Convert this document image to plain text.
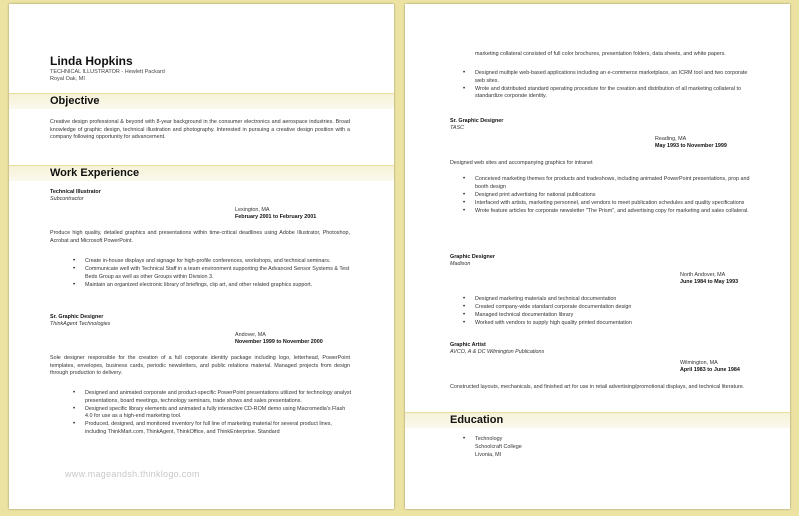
Linda Hopkins
TECHNICAL ILLUSTRATOR - Hewlett Packard
Royal Oak, MI
Objective
Creative design professional & beyond with 8-year background in the consumer electronics and aerospace industries. Broad knowledge of graphic design, technical illustration and photography. Interested in pursuing a creative design position with a company following opportunity for advancement.
Work Experience
Technical Illustrator
Subcontractor
Lexington, MA
February 2001 to February 2001
Produce high quality, detailed graphics and presentations within time-critical deadlines using Adobe Illustrator, Photoshop, Acrobat and Microsoft PowerPoint.
• Create in-house displays and signage for high-profile conferences, workshops, and technical seminars.
• Communicate well with Technical Staff in a team environment supporting the Advanced Sensor Systems & Test Beds Group as well as other Groups within Division 3.
• Maintain an organized electronic library of briefings, clip art, and other related graphics support.
Sr. Graphic Designer
ThinkAgent Technologies
Andover, MA
November 1999 to November 2000
Sole designer responsible for the creation of a full corporate identity package including logo, letterhead, PowerPoint templates, envelopes, business cards, periodic newsletters, and public relations material. Managed projects from design through production to delivery.
• Designed and animated corporate and product-specific PowerPoint presentations utilized for technology analyst presentations, board meetings, technology seminars, trade shows and sales presentations.
• Designed specific library elements and animated a fully interactive CD-ROM demo using Macromedia's Flash 4.0 for use as a high-end marketing tool.
• Produced, designed, and monitored inventory for full line of marketing material for several product lines, including ThinkMart.com, ThinkAgent, ThinkOffice, and ThinkEnterprise. Standard
www.mageandsh.thinklogo.com
marketing collateral consisted of full color brochures, presentation folders, data sheets, and white papers.
• Designed multiple web-based applications including an e-commerce marketplace, an ICRM tool and two corporate web sites.
• Wrote and distributed standard operating procedure for the creation and distribution of all marketing collateral to standardize corporate identity.
Sr. Graphic Designer
TASC
Reading, MA
May 1993 to November 1999
Designed web sites and accompanying graphics for intranet
• Conceived marketing themes for products and tradeshows, including animated PowerPoint presentations, prop and booth design
• Designed print advertising for national publications
• Interfaced with artists, marketing personnel, and vendors to meet publication schedules and quality specifications
• Wrote feature articles for corporate newsletter "The Prism", and advertising copy for marketing and sales collateral.
Graphic Designer
Madison
North Andover, MA
June 1984 to May 1993
• Designed marketing materials and technical documentation
• Created company-wide standard corporate documentation design
• Managed technical documentation library
• Worked with vendors to supply high quality printed documentation
Graphic Artist
AVCO, A & DC Wilmington Publications
Wilmington, MA
April 1983 to June 1984
Constructed layouts, mechanicals, and finished art for use in retail advertising/promotional displays, and technical literature.
Education
• Technology
Schoolcraft College
Livonia, MI
